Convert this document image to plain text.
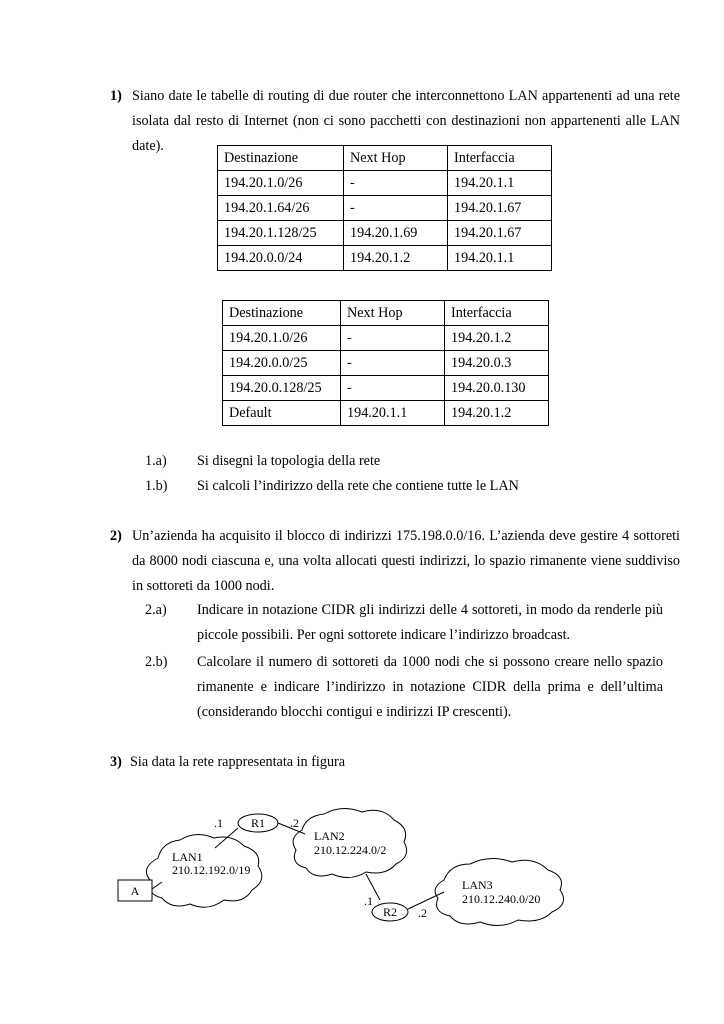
1) Siano date le tabelle di routing di due router che interconnettono LAN appartenenti ad una rete isolata dal resto di Internet (non ci sono pacchetti con destinazioni non appartenenti alle LAN date).
Destinazione	Next Hop	Interfaccia
194.20.1.0/26	-	194.20.1.1
194.20.1.64/26	-	194.20.1.67
194.20.1.128/25	194.20.1.69	194.20.1.67
194.20.0.0/24	194.20.1.2	194.20.1.1
Destinazione	Next Hop	Interfaccia
194.20.1.0/26	-	194.20.1.2
194.20.0.0/25	-	194.20.0.3
194.20.0.128/25	-	194.20.0.130
Default	194.20.1.1	194.20.1.2
1.a) Si disegni la topologia della rete
1.b) Si calcoli l’indirizzo della rete che contiene tutte le LAN
2) Un’azienda ha acquisito il blocco di indirizzi 175.198.0.0/16. L’azienda deve gestire 4 sottoreti da 8000 nodi ciascuna e, una volta allocati questi indirizzi, lo spazio rimanente viene suddiviso in sottoreti da 1000 nodi.
2.a) Indicare in notazione CIDR gli indirizzi delle 4 sottoreti, in modo da renderle più piccole possibili. Per ogni sottorete indicare l’indirizzo broadcast.
2.b) Calcolare il numero di sottoreti da 1000 nodi che si possono creare nello spazio rimanente e indicare l’indirizzo in notazione CIDR della prima e dell’ultima (considerando blocchi contigui e indirizzi IP crescenti).
3) Sia data la rete rappresentata in figura
R1
R2
A
.1	.2
.1
.2
LAN1
210.12.192.0/19
LAN2
210.12.224.0/2
LAN3
210.12.240.0/20
